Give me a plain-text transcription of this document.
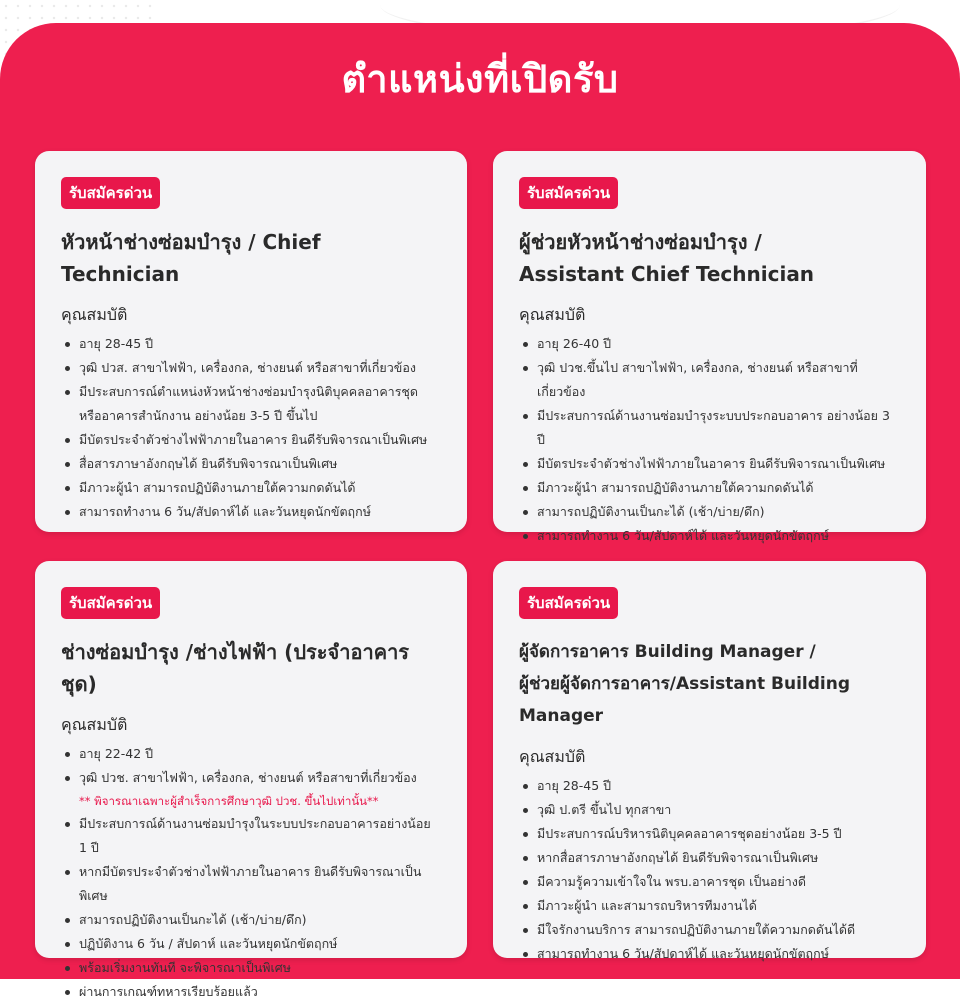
ตำแหน่งที่เปิดรับ
รับสมัครด่วน
หัวหน้าช่างซ่อมบำรุง / Chief Technician
คุณสมบัติ
อายุ 28-45 ปี
วุฒิ ปวส. สาขาไฟฟ้า, เครื่องกล, ช่างยนต์ หรือสาขาที่เกี่ยวข้อง
มีประสบการณ์ตำแหน่งหัวหน้าช่างซ่อมบำรุงนิติบุคคลอาคารชุด หรืออาคารสำนักงาน อย่างน้อย 3-5 ปี ขึ้นไป
มีบัตรประจำตัวช่างไฟฟ้าภายในอาคาร ยินดีรับพิจารณาเป็นพิเศษ
สื่อสารภาษาอังกฤษได้ ยินดีรับพิจารณาเป็นพิเศษ
มีภาวะผู้นำ สามารถปฏิบัติงานภายใต้ความกดดันได้
สามารถทำงาน 6 วัน/สัปดาห์ได้ และวันหยุดนักขัตฤกษ์
รับสมัครด่วน
ผู้ช่วยหัวหน้าช่างซ่อมบำรุง /
Assistant Chief Technician
คุณสมบัติ
อายุ 26-40 ปี
วุฒิ ปวช.ขึ้นไป สาขาไฟฟ้า, เครื่องกล, ช่างยนต์ หรือสาขาที่เกี่ยวข้อง
มีประสบการณ์ด้านงานซ่อมบำรุงระบบประกอบอาคาร อย่างน้อย 3 ปี
มีบัตรประจำตัวช่างไฟฟ้าภายในอาคาร ยินดีรับพิจารณาเป็นพิเศษ
มีภาวะผู้นำ สามารถปฏิบัติงานภายใต้ความกดดันได้
สามารถปฏิบัติงานเป็นกะได้ (เช้า/บ่าย/ดึก)
สามารถทำงาน 6 วัน/สัปดาห์ได้ และวันหยุดนักขัตฤกษ์
รับสมัครด่วน
ช่างซ่อมบำรุง /ช่างไฟฟ้า (ประจำอาคารชุด)
คุณสมบัติ
อายุ 22-42 ปี
วุฒิ ปวช. สาขาไฟฟ้า, เครื่องกล, ช่างยนต์ หรือสาขาที่เกี่ยวข้อง
** พิจารณาเฉพาะผู้สำเร็จการศึกษาวุฒิ ปวช. ขึ้นไปเท่านั้น**
มีประสบการณ์ด้านงานซ่อมบำรุงในระบบประกอบอาคารอย่างน้อย 1 ปี
หากมีบัตรประจำตัวช่างไฟฟ้าภายในอาคาร ยินดีรับพิจารณาเป็นพิเศษ
สามารถปฏิบัติงานเป็นกะได้ (เช้า/บ่าย/ดึก)
ปฏิบัติงาน 6 วัน / สัปดาห์ และวันหยุดนักขัตฤกษ์
พร้อมเริ่มงานทันที จะพิจารณาเป็นพิเศษ
ผ่านการเกณฑ์ทหารเรียบร้อยแล้ว
รับสมัครด่วน
ผู้จัดการอาคาร Building Manager /
ผู้ช่วยผู้จัดการอาคาร/Assistant Building Manager
คุณสมบัติ
อายุ 28-45 ปี
วุฒิ ป.ตรี ขึ้นไป ทุกสาขา
มีประสบการณ์บริหารนิติบุคคลอาคารชุดอย่างน้อย 3-5 ปี
หากสื่อสารภาษาอังกฤษได้ ยินดีรับพิจารณาเป็นพิเศษ
มีความรู้ความเข้าใจใน พรบ.อาคารชุด เป็นอย่างดี
มีภาวะผู้นำ และสามารถบริหารทีมงานได้
มีใจรักงานบริการ สามารถปฏิบัติงานภายใต้ความกดดันได้ดี
สามารถทำงาน 6 วัน/สัปดาห์ได้ และวันหยุดนักขัตฤกษ์
